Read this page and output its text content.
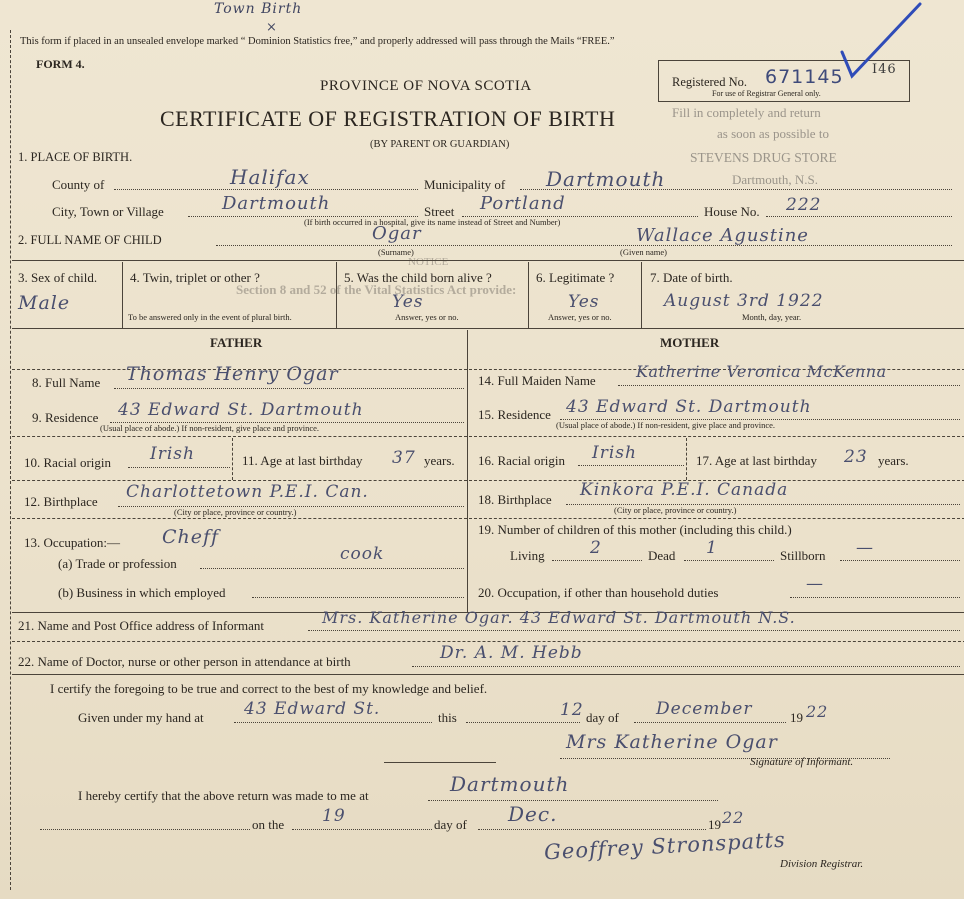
NOTICE
Section 8 and 52 of the Vital Statistics Act provide:
Town Birth
×
This form if placed in an unsealed envelope marked “ Dominion Statistics free,” and properly addressed will pass through the Mails “FREE.”
FORM 4.
Registered No. 671145
For use of Registrar General only.
I46
PROVINCE OF NOVA SCOTIA
CERTIFICATE OF REGISTRATION OF BIRTH
(BY PARENT OR GUARDIAN)
Fill in completely and return
as soon as possible to
STEVENS DRUG STORE
Dartmouth, N.S.
1. PLACE OF BIRTH.
County of	Halifax	Municipality of Dartmouth
City, Town or Village	Dartmouth	Street Portland	House No. 222
(If birth occurred in a hospital, give its name instead of Street and Number)
2. FULL NAME OF CHILD	Ogar	Wallace Agustine
(Surname)	(Given name)
3. Sex of child.
Male
4. Twin, triplet or other ?
To be answered only in the event of plural birth.
5. Was the child born alive ?
Yes
Answer, yes or no.
6. Legitimate ?
Yes
Answer, yes or no.
7. Date of birth.
August 3rd 1922
Month, day, year.
FATHER	MOTHER
8. Full Name Thomas Henry Ogar
9. Residence 43 Edward St. Dartmouth
(Usual place of abode.) If non-resident, give place and province.
10. Racial origin Irish	11. Age at last birthday 37 years.
12. Birthplace Charlottetown P.E.I. Can.
(City or place, province or country.)
13. Occupation:— Cheff
(a) Trade or profession	cook
(b) Business in which employed
14. Full Maiden Name	Katherine Veronica McKenna
15. Residence 43 Edward St. Dartmouth
(Usual place of abode.) If non-resident, give place and province.
16. Racial origin Irish	17. Age at last birthday 23 years.
18. Birthplace Kinkora P.E.I. Canada
(City or place, province or country.)
19. Number of children of this mother (including this child.)
Living	2	Dead 1	Stillborn —
20. Occupation, if other than household duties	—
21. Name and Post Office address of Informant	Mrs. Katherine Ogar. 43 Edward St. Dartmouth N.S.
22. Name of Doctor, nurse or other person in attendance at birth	Dr. A. M. Hebb
I certify the foregoing to be true and correct to the best of my knowledge and belief.
Given under my hand at 43 Edward St.	this	12 day of December	19 22
Mrs Katherine Ogar
Signature of Informant.
I hereby certify that the above return was made to me at	Dartmouth
on the 19	day of Dec.	19 22
Geoffrey Stronspatts
Division Registrar.
